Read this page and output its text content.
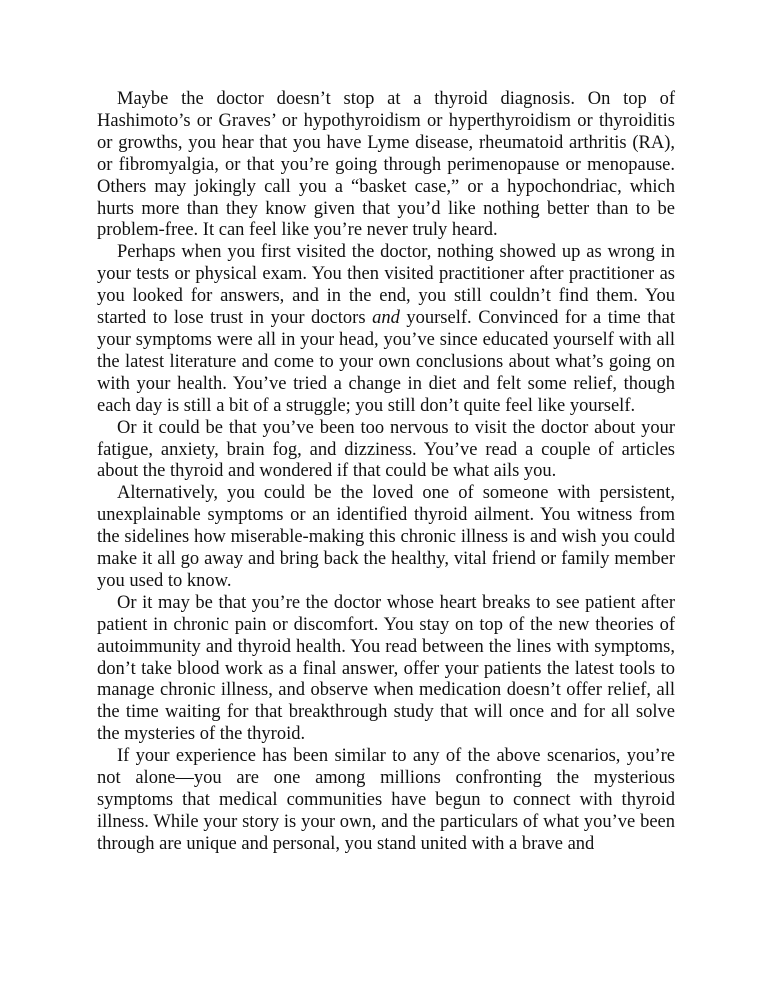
Maybe the doctor doesn’t stop at a thyroid diagnosis. On top of Hashimoto’s or Graves’ or hypothyroidism or hyperthyroidism or thyroiditis or growths, you hear that you have Lyme disease, rheumatoid arthritis (RA), or fibromyalgia, or that you’re going through perimenopause or menopause. Others may jokingly call you a “basket case,” or a hypochondriac, which hurts more than they know given that you’d like nothing better than to be problem-free. It can feel like you’re never truly heard.

Perhaps when you first visited the doctor, nothing showed up as wrong in your tests or physical exam. You then visited practitioner after practitioner as you looked for answers, and in the end, you still couldn’t find them. You started to lose trust in your doctors and yourself. Convinced for a time that your symptoms were all in your head, you’ve since educated yourself with all the latest literature and come to your own conclusions about what’s going on with your health. You’ve tried a change in diet and felt some relief, though each day is still a bit of a struggle; you still don’t quite feel like yourself.

Or it could be that you’ve been too nervous to visit the doctor about your fatigue, anxiety, brain fog, and dizziness. You’ve read a couple of articles about the thyroid and wondered if that could be what ails you.

Alternatively, you could be the loved one of someone with persistent, unexplainable symptoms or an identified thyroid ailment. You witness from the sidelines how miserable-making this chronic illness is and wish you could make it all go away and bring back the healthy, vital friend or family member you used to know.

Or it may be that you’re the doctor whose heart breaks to see patient after patient in chronic pain or discomfort. You stay on top of the new theories of autoimmunity and thyroid health. You read between the lines with symptoms, don’t take blood work as a final answer, offer your patients the latest tools to manage chronic illness, and observe when medication doesn’t offer relief, all the time waiting for that breakthrough study that will once and for all solve the mysteries of the thyroid.

If your experience has been similar to any of the above scenarios, you’re not alone—you are one among millions confronting the mysterious symptoms that medical communities have begun to connect with thyroid illness. While your story is your own, and the particulars of what you’ve been through are unique and personal, you stand united with a brave and
